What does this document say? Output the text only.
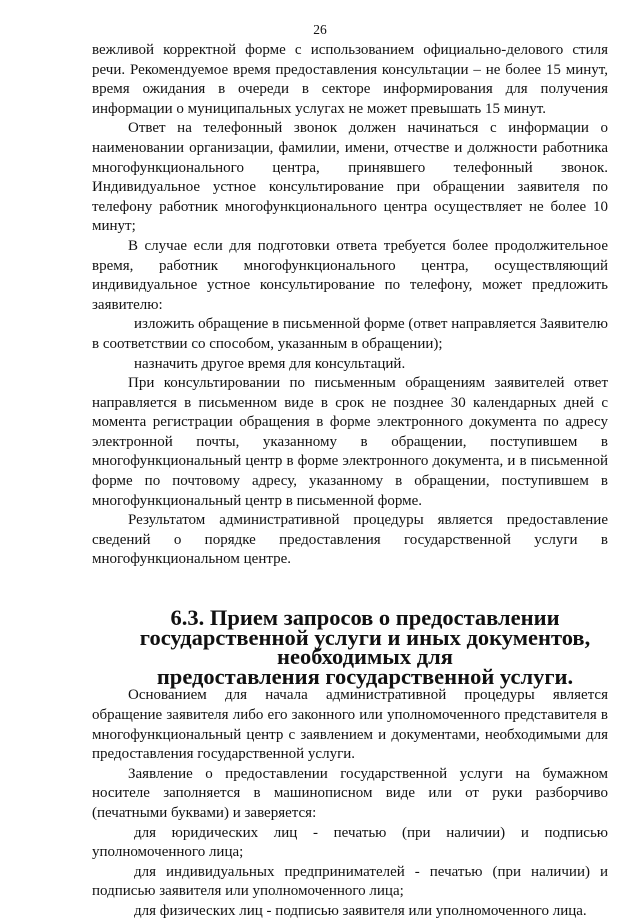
26

вежливой корректной форме с использованием официально-делового стиля речи. Рекомендуемое время предоставления консультации – не более 15 минут, время ожидания в очереди в секторе информирования для получения информации о муниципальных услугах не может превышать 15 минут.

Ответ на телефонный звонок должен начинаться с информации о наименовании организации, фамилии, имени, отчестве и должности работника многофункционального центра, принявшего телефонный звонок. Индивидуальное устное консультирование при обращении заявителя по телефону работник многофункционального центра осуществляет не более 10 минут;

В случае если для подготовки ответа требуется более продолжительное время, работник многофункционального центра, осуществляющий индивидуальное устное консультирование по телефону, может предложить заявителю:

изложить обращение в письменной форме (ответ направляется Заявителю в соответствии со способом, указанным в обращении);

назначить другое время для консультаций.

При консультировании по письменным обращениям заявителей ответ направляется в письменном виде в срок не позднее 30 календарных дней с момента регистрации обращения в форме электронного документа по адресу электронной почты, указанному в обращении, поступившем в многофункциональный центр в форме электронного документа, и в письменной форме по почтовому адресу, указанному в обращении, поступившем в многофункциональный центр в письменной форме.

Результатом административной процедуры является предоставление сведений о порядке предоставления государственной услуги в многофункциональном центре.

6.3. Прием запросов о предоставлении
государственной услуги и иных документов, необходимых для
предоставления государственной услуги.

Основанием для начала административной процедуры является обращение заявителя либо его законного или уполномоченного представителя в многофункциональный центр с заявлением и документами, необходимыми для предоставления государственной услуги.

Заявление о предоставлении государственной услуги на бумажном носителе заполняется в машинописном виде или от руки разборчиво (печатными буквами) и заверяется:

для юридических лиц - печатью (при наличии) и подписью уполномоченного лица;

для индивидуальных предпринимателей - печатью (при наличии) и подписью заявителя или уполномоченного лица;

для физических лиц - подписью заявителя или уполномоченного лица.
